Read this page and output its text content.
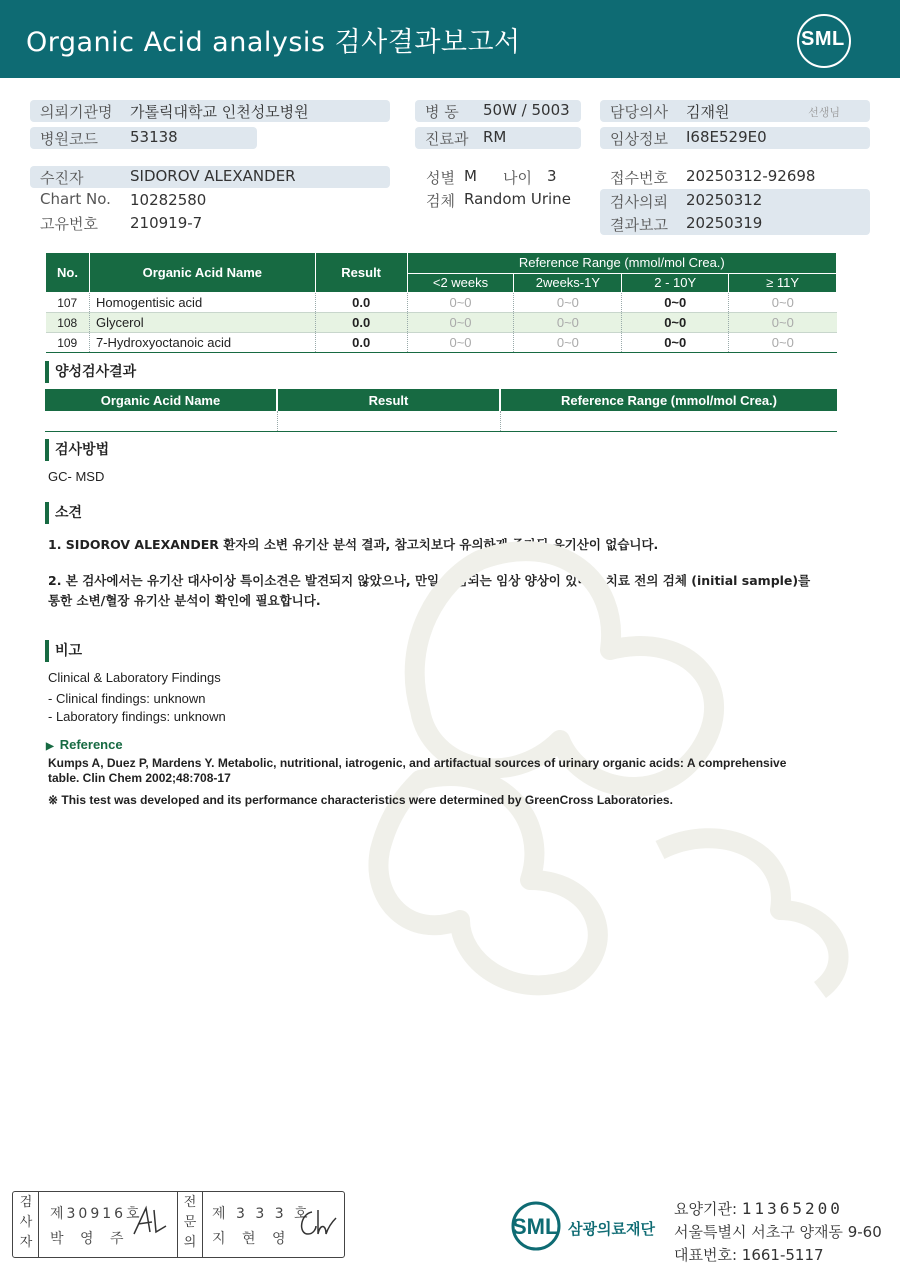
Organic Acid analysis 검사결과보고서	SML
의뢰기관명 가톨릭대학교 인천성모병원
병원코드 53138
병 동 50W / 5003
진료과 RM
담당의사 김재원	선생님
임상정보 I68E529E0
수진자	SIDOROV ALEXANDER
Chart No. 10282580
고유번호 210919-7
성별 M 나이 3
검체 Random Urine
접수번호 20250312-92698
검사의뢰 20250312
결과보고 20250319
No.	Organic Acid Name	Result	Reference Range (mmol/mol Crea.)			
			<2 weeks	2weeks-1Y	2 - 10Y	≥ 11Y
107	Homogentisic acid	0.0	0~0	0~0	0~0	0~0
108	Glycerol	0.0	0~0	0~0	0~0	0~0
109	7-Hydroxyoctanoic acid	0.0	0~0	0~0	0~0	0~0
양성검사결과
Organic Acid Name	Result	Reference Range (mmol/mol Crea.)

검사방법
GC- MSD
소견
1. SIDOROV ALEXANDER 환자의 소변 유기산 분석 결과, 참고치보다 유의하게 증가된 유기산이 없습니다.
2. 본 검사에서는 유기산 대사이상 특이소견은 발견되지 않았으나, 만일 의심되는 임상 양상이 있다면 치료 전의 검체 (initial sample)를
통한 소변/혈장 유기산 분석이 확인에 필요합니다.
비고
Clinical & Laboratory Findings
- Clinical findings: unknown
- Laboratory findings: unknown
▶ Reference
Kumps A, Duez P, Mardens Y. Metabolic, nutritional, iatrogenic, and artifactual sources of urinary organic acids: A comprehensive
table. Clin Chem 2002;48:708-17
※ This test was developed and its performance characteristics were determined by GreenCross Laboratories.
검
사
자
제30916호
박 영 주
전
문
의
제 3 3 3 호
지 현 영	SML 삼광의료재단
요양기관: 11365200
서울특별시 서초구 양재동 9-60
대표번호: 1661-5117
